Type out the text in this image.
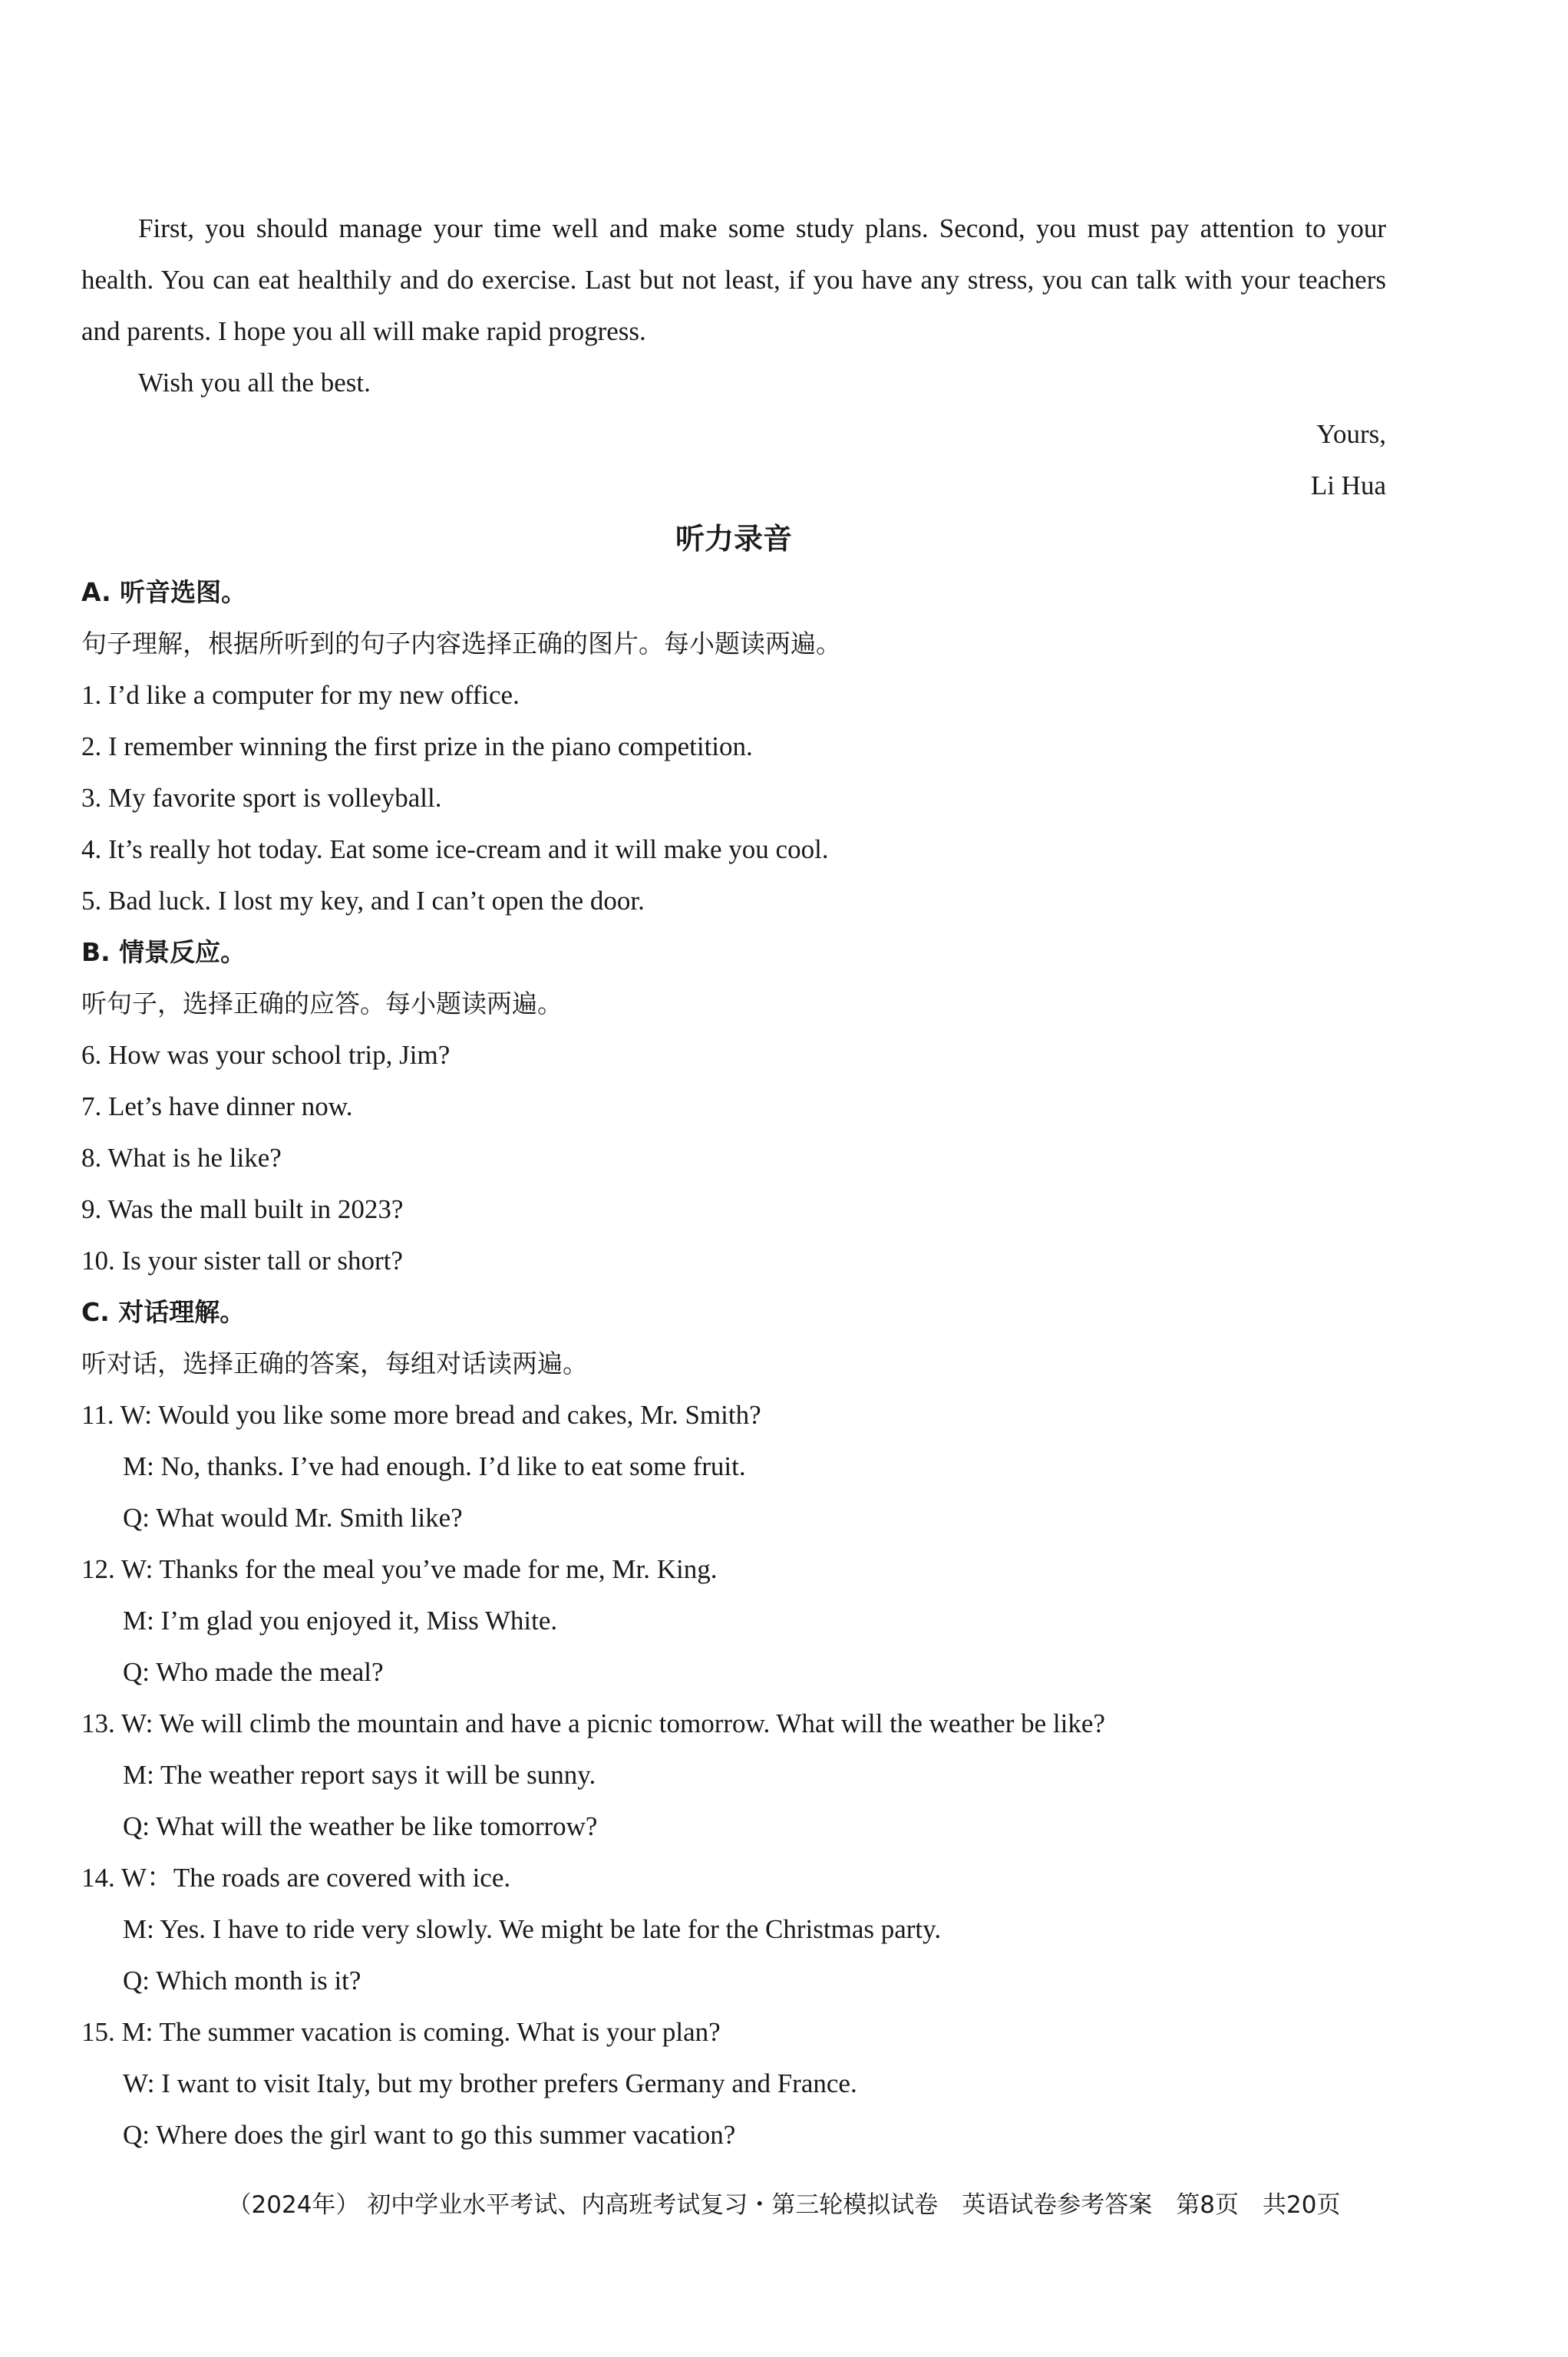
First, you should manage your time well and make some study plans. Second, you must pay attention to your health. You can eat healthily and do exercise. Last but not least, if you have any stress, you can talk with your teachers and parents. I hope you all will make rapid progress.

Wish you all the best.

Yours,

Li Hua

听力录音

A. 听音选图。

句子理解，根据所听到的句子内容选择正确的图片。每小题读两遍。

1. I’d like a computer for my new office.

2. I remember winning the first prize in the piano competition.

3. My favorite sport is volleyball.

4. It’s really hot today. Eat some ice-cream and it will make you cool.

5. Bad luck. I lost my key, and I can’t open the door.

B. 情景反应。

听句子，选择正确的应答。每小题读两遍。

6. How was your school trip, Jim?

7. Let’s have dinner now.

8. What is he like?

9. Was the mall built in 2023?

10. Is your sister tall or short?

C. 对话理解。

听对话，选择正确的答案，每组对话读两遍。

11. W: Would you like some more bread and cakes, Mr. Smith?

M: No, thanks. I’ve had enough. I’d like to eat some fruit.

Q: What would Mr. Smith like?

12. W: Thanks for the meal you’ve made for me, Mr. King.

M: I’m glad you enjoyed it, Miss White.

Q: Who made the meal?

13. W: We will climb the mountain and have a picnic tomorrow. What will the weather be like?

M: The weather report says it will be sunny.

Q: What will the weather be like tomorrow?

14. W：The roads are covered with ice.

M: Yes. I have to ride very slowly. We might be late for the Christmas party.

Q: Which month is it?

15. M: The summer vacation is coming. What is your plan?

W: I want to visit Italy, but my brother prefers Germany and France.

Q: Where does the girl want to go this summer vacation?

（2024年） 初中学业水平考试、内高班考试复习・第三轮模拟试卷　英语试卷参考答案　第8页　共20页
